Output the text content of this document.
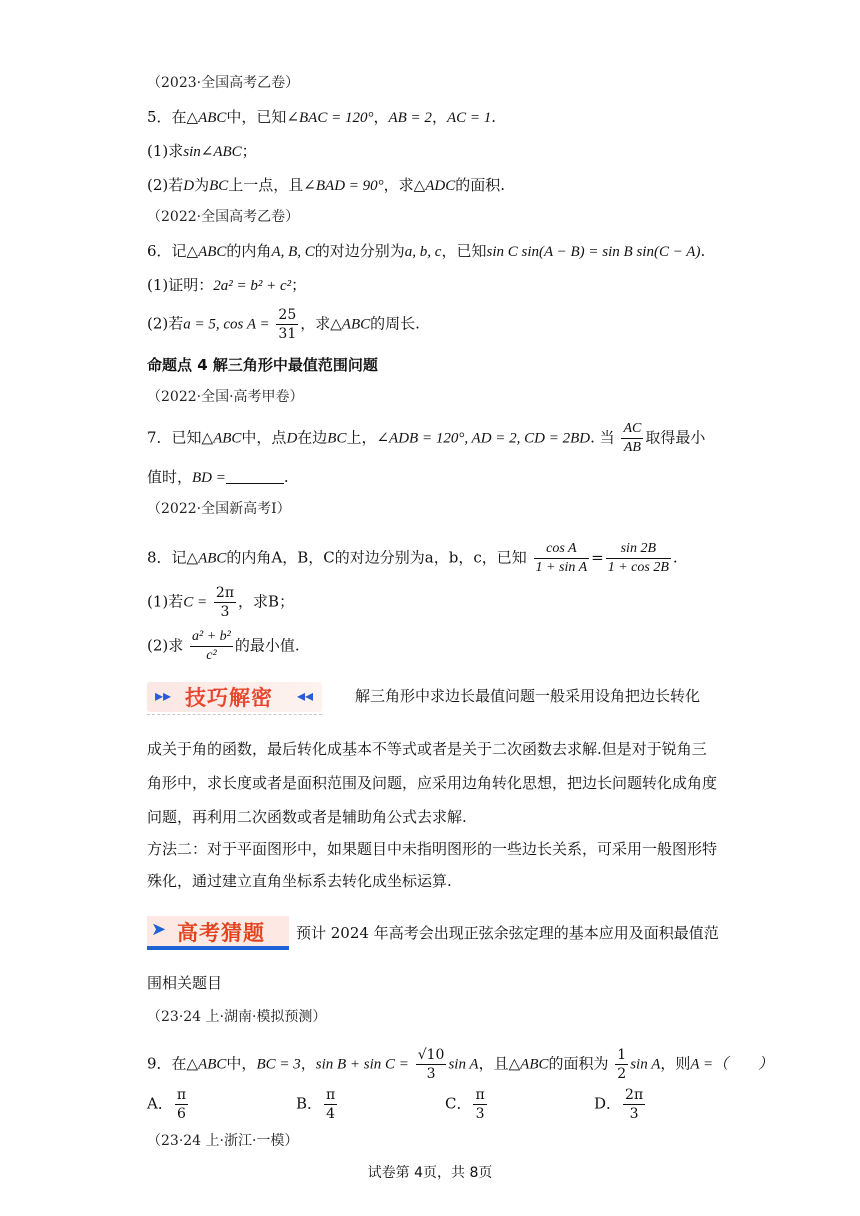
（2023·全国高考乙卷）
5．在△ABC中，已知∠BAC = 120°，AB = 2，AC = 1.
(1)求sin∠ABC；
(2)若D为BC上一点，且∠BAD = 90°，求△ADC的面积.
（2022·全国高考乙卷）
6．记△ABC的内角A, B, C的对边分别为a, b, c，已知sin C sin(A − B) = sin B sin(C − A).
(1)证明：2a² = b² + c²；
(2)若a = 5, $\cos A = \frac{25}{31}$ ，求△ABC的周长.
命题点 4 解三角形中最值范围问题
（2022·全国·高考甲卷）
7．已知△ABC中，点D在边BC上，∠ADB = 120°, AD = 2, CD = 2BD. 当 $\frac{AC}{AB}$ 取得最小
值时，BD =	.
（2022·全国新高考Ⅰ）
8．记△ABC的内角A，B，C的对边分别为a，b，c，已知 $\frac{\text{cos A}}{\text{1 + sin A}} = \frac{\sin 2B}{1 + \cos 2B}$ .
(1)若$C = \frac{2\pi}{3}$ ，求B；
(2)求 $\frac{\text{a² + b²}}{\text{c²}}$ 的最小值.
▸▸ 技巧解密 ◂◂	解三角形中求边长最值问题一般采用设角把边长转化
成关于角的函数，最后转化成基本不等式或者是关于二次函数去求解.但是对于锐角三
角形中，求长度或者是面积范围及问题，应采用边角转化思想，把边长问题转化成角度
问题，再利用二次函数或者是辅助角公式去求解.
方法二：对于平面图形中，如果题目中未指明图形的一些边长关系，可采用一般图形特
殊化，通过建立直角坐标系去转化成坐标运算.
➤ 高考猜题 预计 2024 年高考会出现正弦余弦定理的基本应用及面积最值范
围相关题目
（23·24 上·湖南·模拟预测）
9．在△ABC中，BC = 3，$\sin B + \sin C = \frac{√10}{3}$ sin A，且△ABC的面积为 $\frac{1}{2}$ sin A，则A =（　　）
A． $\frac{\pi}{6}$	B． $\frac{\pi}{4}$	C． $\frac{\pi}{3}$	D． $\frac{2\pi}{3}$
（23·24 上·浙江·一模）
试卷第 4页，共 8页
